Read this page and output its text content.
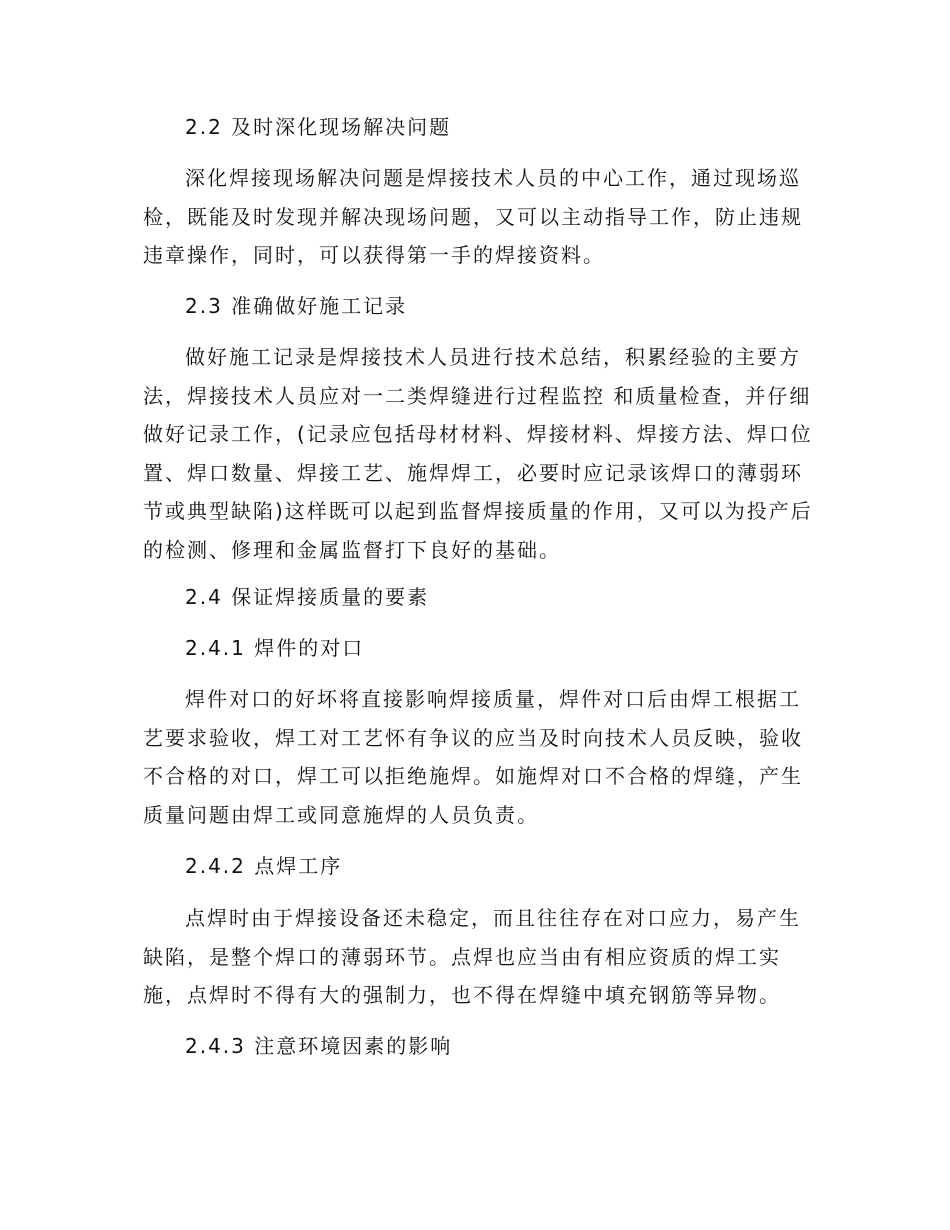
2.2 及时深化现场解决问题
深化焊接现场解决问题是焊接技术人员的中心工作，通过现场巡
检，既能及时发现并解决现场问题，又可以主动指导工作，防止违规
违章操作，同时，可以获得第一手的焊接资料。
2.3 准确做好施工记录
做好施工记录是焊接技术人员进行技术总结，积累经验的主要方
法，焊接技术人员应对一二类焊缝进行过程监控 和质量检查，并仔细
做好记录工作，(记录应包括母材材料、焊接材料、焊接方法、焊口位
置、焊口数量、焊接工艺、施焊焊工，必要时应记录该焊口的薄弱环
节或典型缺陷)这样既可以起到监督焊接质量的作用，又可以为投产后
的检测、修理和金属监督打下良好的基础。
2.4 保证焊接质量的要素
2.4.1 焊件的对口
焊件对口的好坏将直接影响焊接质量，焊件对口后由焊工根据工
艺要求验收，焊工对工艺怀有争议的应当及时向技术人员反映，验收
不合格的对口，焊工可以拒绝施焊。如施焊对口不合格的焊缝，产生
质量问题由焊工或同意施焊的人员负责。
2.4.2 点焊工序
点焊时由于焊接设备还未稳定，而且往往存在对口应力，易产生
缺陷，是整个焊口的薄弱环节。点焊也应当由有相应资质的焊工实
施，点焊时不得有大的强制力，也不得在焊缝中填充钢筋等异物。
2.4.3 注意环境因素的影响
